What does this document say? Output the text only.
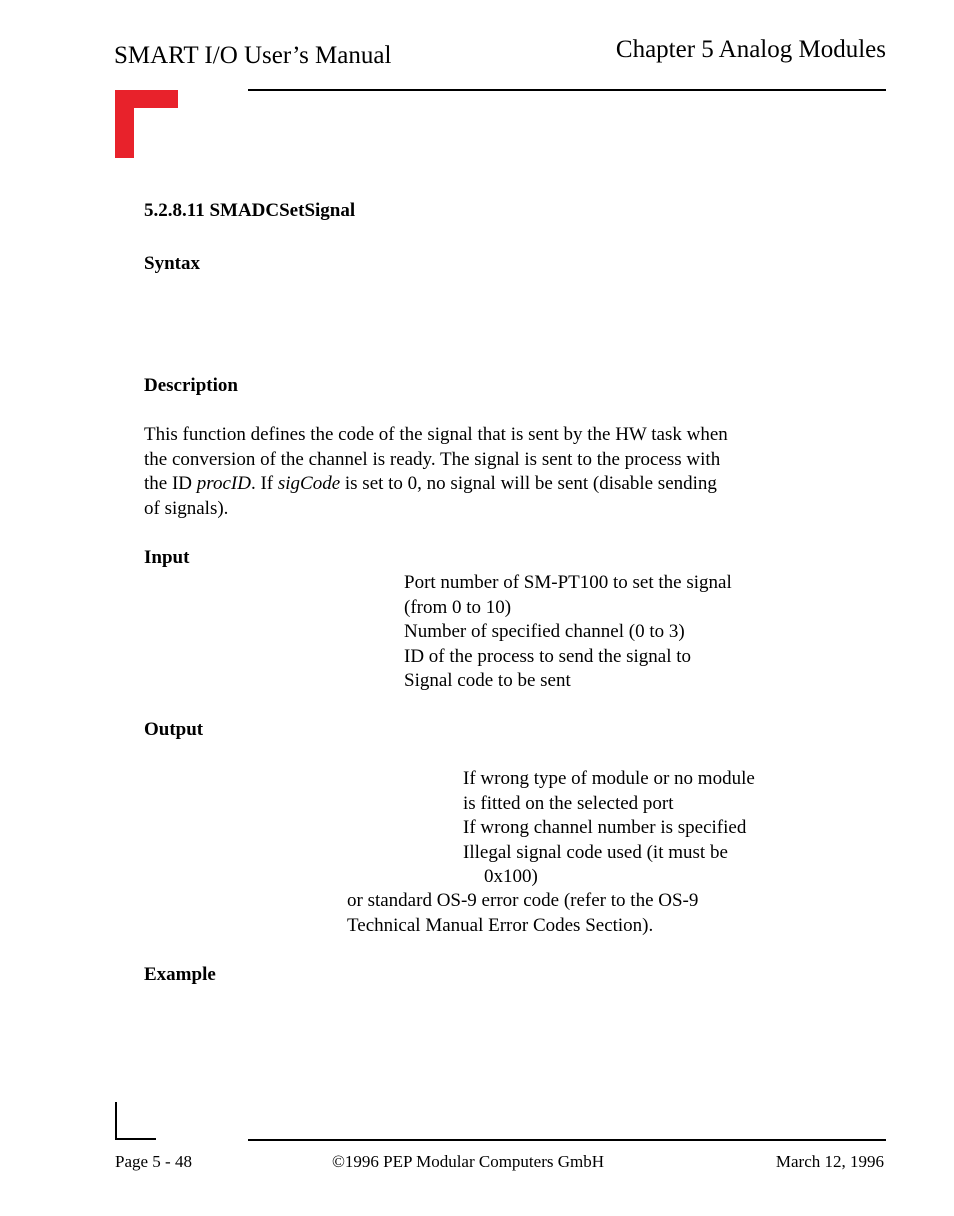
SMART I/O User’s Manual	Chapter 5 Analog Modules
5.2.8.11 SMADCSetSignal
Syntax
Description
This function defines the code of the signal that is sent by the HW task when
the conversion of the channel is ready. The signal is sent to the process with
the ID procID. If sigCode is set to 0, no signal will be sent (disable sending
of signals).
Input
Port number of SM-PT100 to set the signal
(from 0 to 10)
Number of specified channel (0 to 3)
ID of the process to send the signal to
Signal code to be sent
Output
If wrong type of module or no module
is fitted on the selected port
If wrong channel number is specified
Illegal signal code used (it must be
0x100)
or standard OS-9 error code (refer to the OS-9
Technical Manual Error Codes Section).
Example
Page 5 - 48	©1996 PEP Modular Computers GmbH	March 12, 1996
